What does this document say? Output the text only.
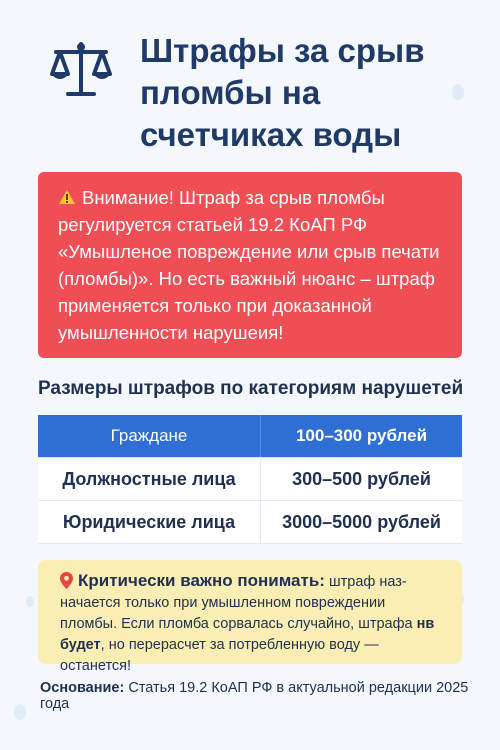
Штрафы за срыв пломбы на счетчиках воды
Внимание! Штраф за срыв пломбы регулируется статьей 19.2 КоАП РФ «Умышленое повреждение или срыв печати (пломбы)». Но есть важный нюанс – штраф применяется только при доказанной умышленности нарушеия!
Размеры штрафов по категориям нарушетей
Граждане	100–300 рублей
Должностные лица	300–500 рублей
Юридические лица	3000–5000 рублей
Критически важно понимать: штраф наз-начается только при умышленном повреждении пломбы. Если пломба сорвалась случайно, штрафа нв будет, но перерасчет за потребленную воду — останется!
Основание: Статья 19.2 КоАП РФ в актуальной редакции 2025 года
